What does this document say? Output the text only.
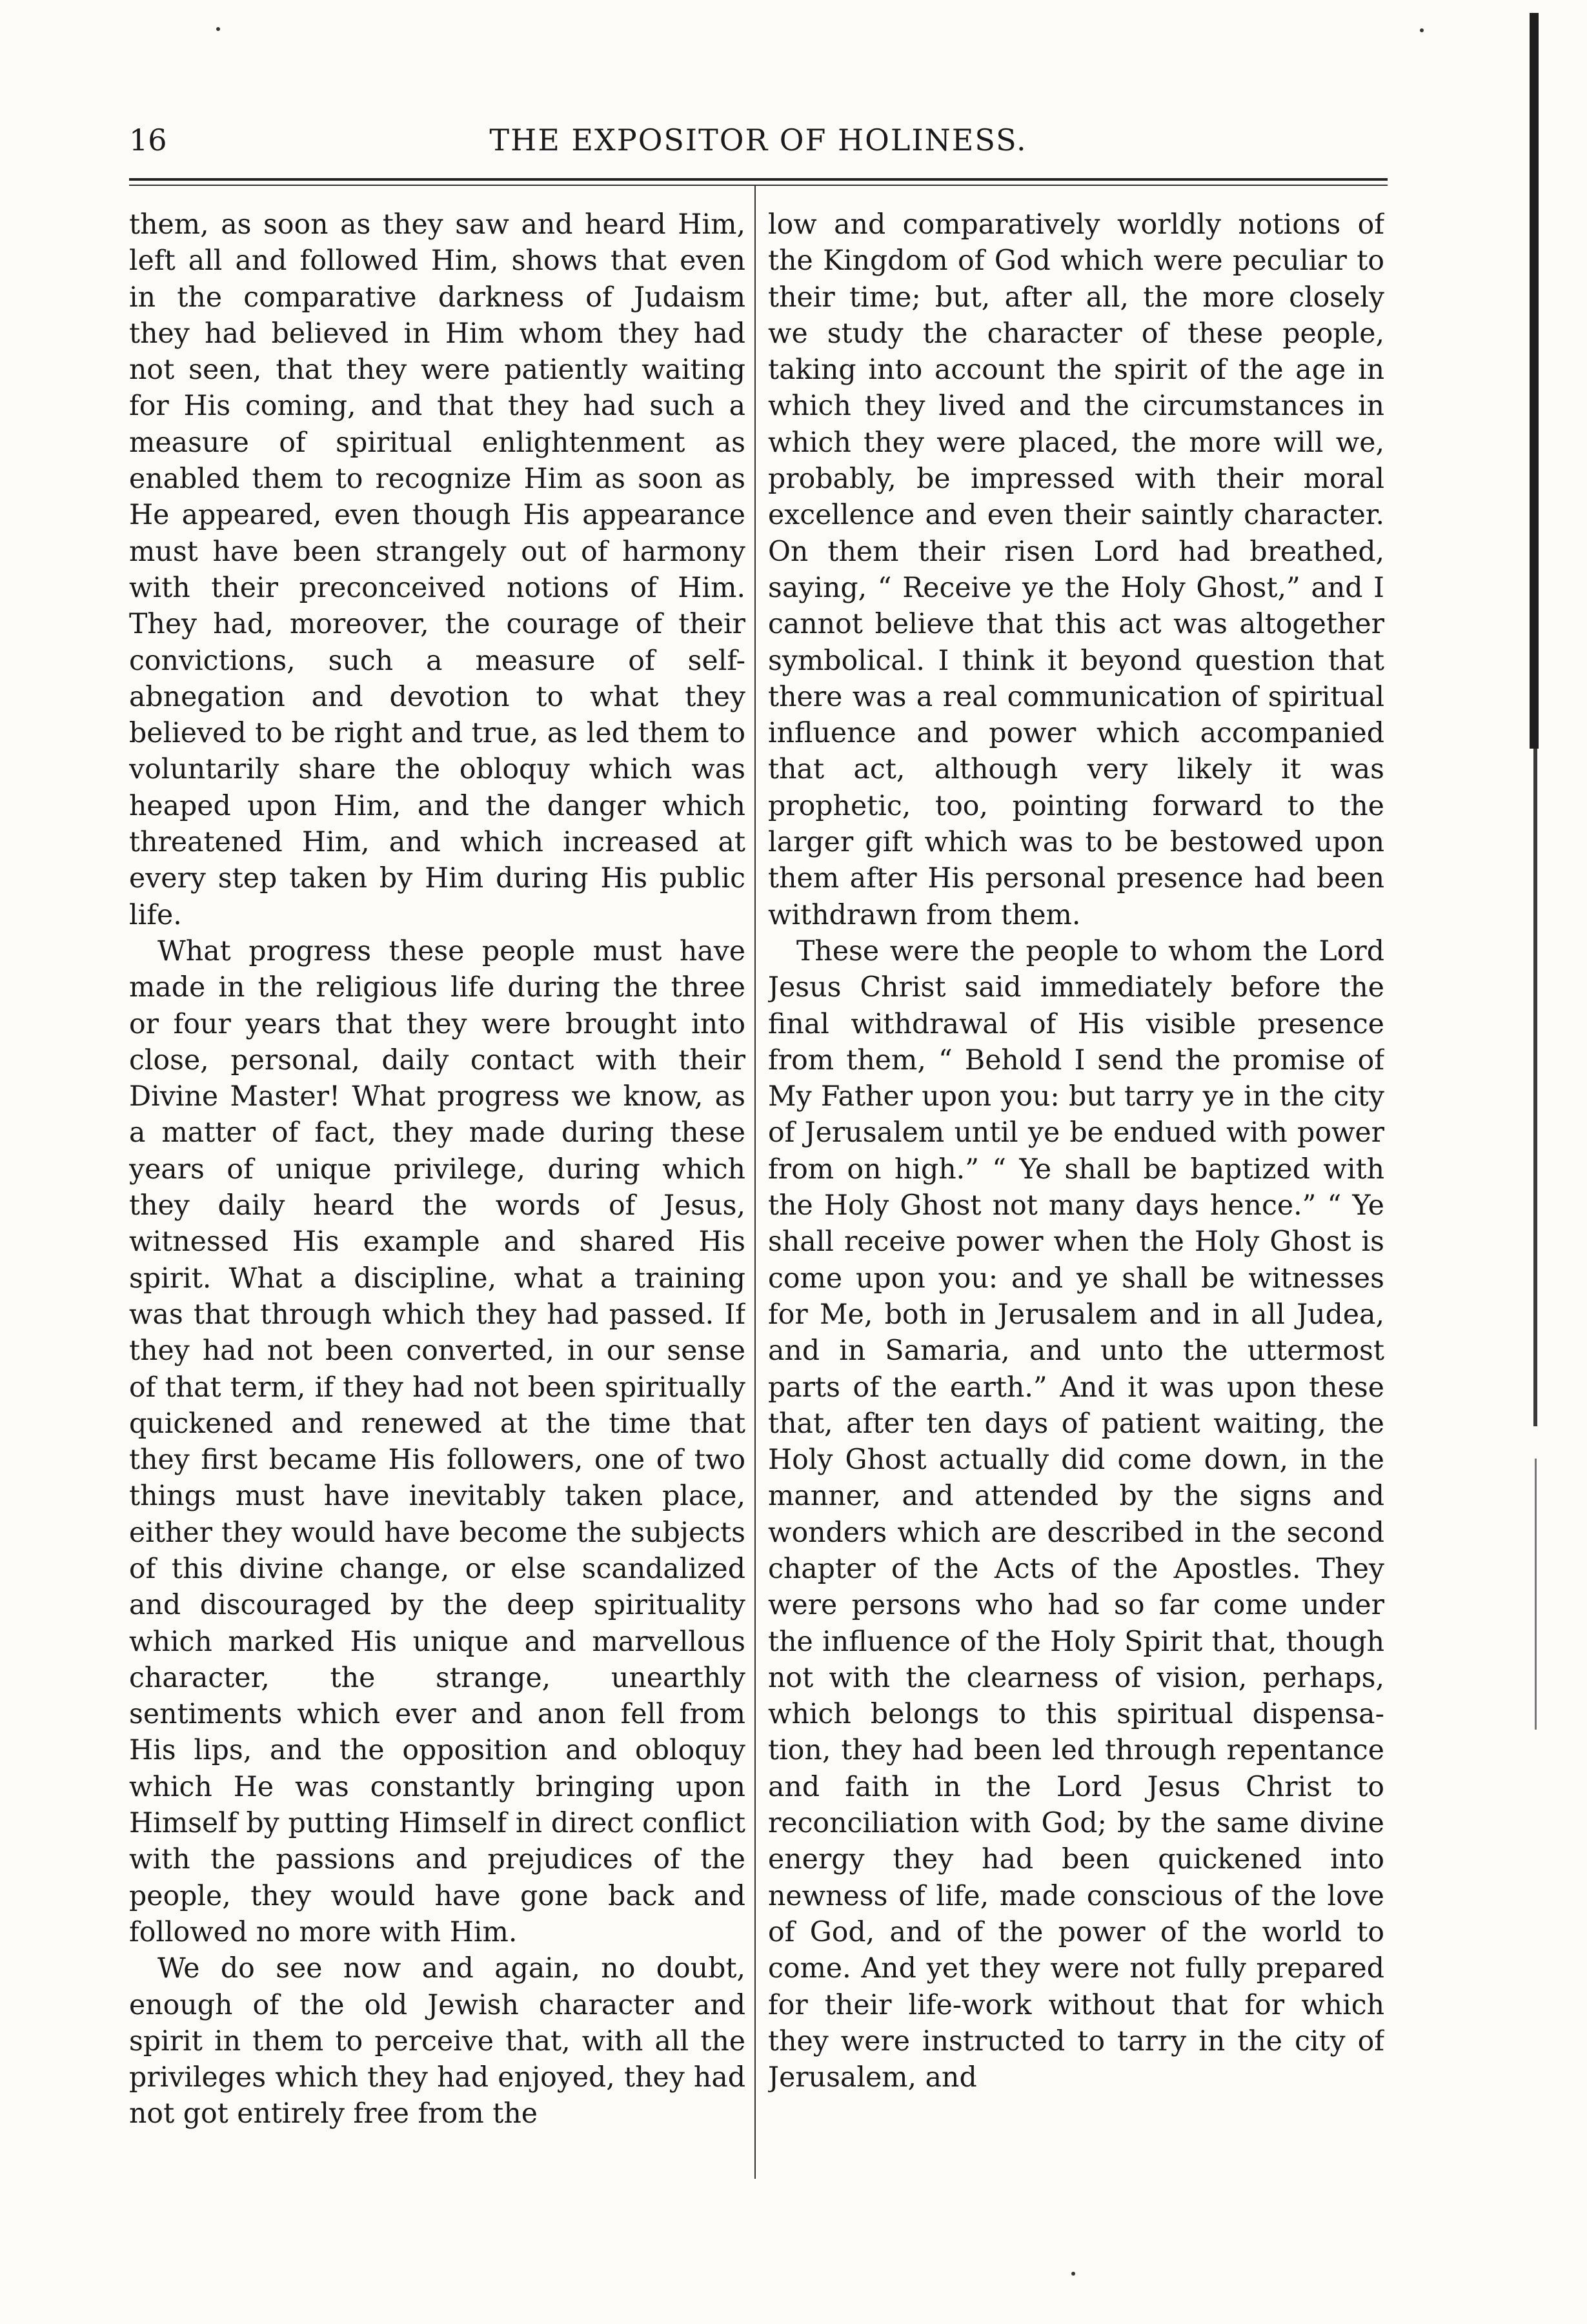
16	THE EXPOSITOR OF HOLINESS.

them, as soon as they saw and heard Him, left all and followed Him, shows that even in the comparative darkness of Judaism they had believed in Him whom they had not seen, that they were patiently waiting for His coming, and that they had such a measure of spiritual enlightenment as enabled them to recognize Him as soon as He appeared, even though His appearance must have been strangely out of harmony with their preconceived notions of Him. They had, moreover, the courage of their convictions, such a measure of self-abnegation and devotion to what they believed to be right and true, as led them to voluntarily share the obloquy which was heaped upon Him, and the danger which threatened Him, and which increased at every step taken by Him during His public life.

What progress these people must have made in the religious life during the three or four years that they were brought into close, personal, daily contact with their Divine Master! What progress we know, as a matter of fact, they made during these years of unique privilege, during which they daily heard the words of Jesus, witnessed His example and shared His spirit. What a discipline, what a training was that through which they had passed. If they had not been converted, in our sense of that term, if they had not been spiritually quickened and renewed at the time that they first became His followers, one of two things must have inevitably taken place, either they would have become the subjects of this divine change, or else scandalized and discouraged by the deep spirituality which marked His unique and marvellous character, the strange, unearthly sentiments which ever and anon fell from His lips, and the opposition and obloquy which He was constantly bringing upon Himself by putting Himself in direct conflict with the passions and prejudices of the people, they would have gone back and followed no more with Him.

We do see now and again, no doubt, enough of the old Jewish character and spirit in them to perceive that, with all the privileges which they had enjoyed, they had not got entirely free from the

low and comparatively worldly notions of the Kingdom of God which were peculiar to their time; but, after all, the more closely we study the character of these people, taking into account the spirit of the age in which they lived and the circumstances in which they were placed, the more will we, probably, be impressed with their moral excellence and even their saintly character. On them their risen Lord had breathed, saying, “ Receive ye the Holy Ghost,” and I cannot believe that this act was altogether symbolical. I think it beyond question that there was a real communication of spiritual influence and power which accompanied that act, although very likely it was prophetic, too, pointing forward to the larger gift which was to be bestowed upon them after His personal presence had been withdrawn from them.

These were the people to whom the Lord Jesus Christ said immediately before the final withdrawal of His visible presence from them, “ Behold I send the promise of My Father upon you: but tarry ye in the city of Jerusalem until ye be endued with power from on high.” “ Ye shall be baptized with the Holy Ghost not many days hence.” “ Ye shall receive power when the Holy Ghost is come upon you: and ye shall be witnesses for Me, both in Jerusalem and in all Judea, and in Samaria, and unto the uttermost parts of the earth.” And it was upon these that, after ten days of patient waiting, the Holy Ghost actually did come down, in the manner, and attended by the signs and wonders which are described in the second chapter of the Acts of the Apostles. They were persons who had so far come under the influence of the Holy Spirit that, though not with the clearness of vision, perhaps, which belongs to this spiritual dispensation, they had been led through repentance and faith in the Lord Jesus Christ to reconciliation with God; by the same divine energy they had been quickened into newness of life, made conscious of the love of God, and of the power of the world to come. And yet they were not fully prepared for their life-work without that for which they were instructed to tarry in the city of Jerusalem, and
